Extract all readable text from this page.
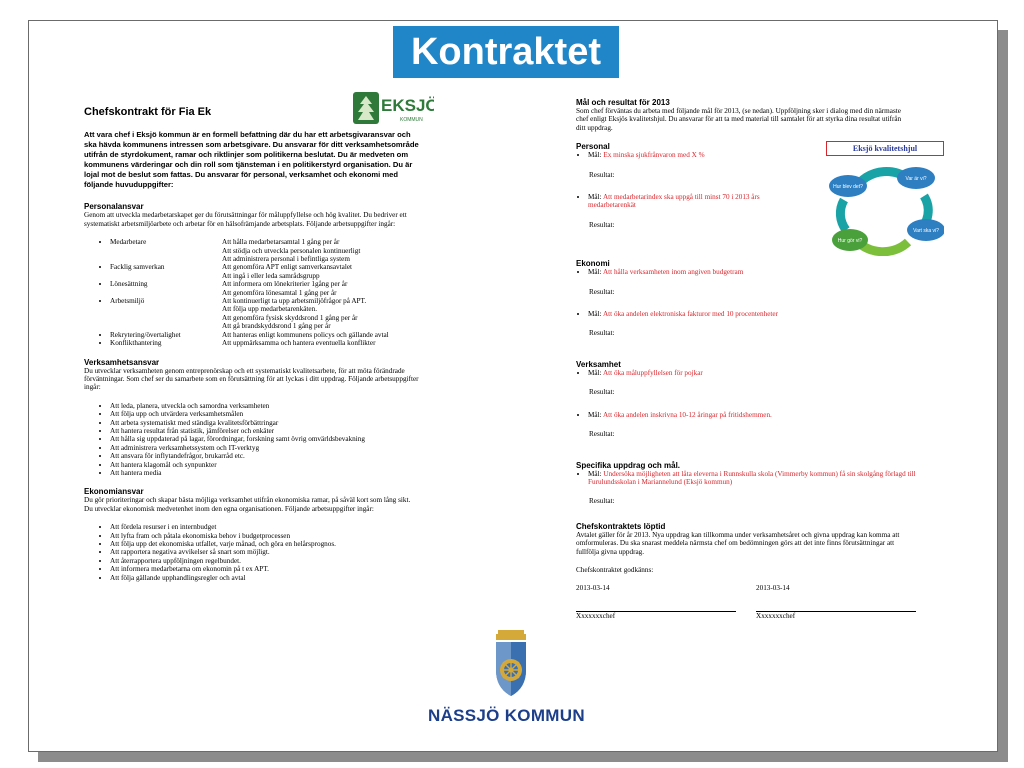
Kontraktet
EKSJÖ
KOMMUN
Chefskontrakt för Fia Ek
Att vara chef i Eksjö kommun är en formell befattning där du har ett arbetsgivaransvar och ska hävda kommunens intressen som arbetsgivare. Du ansvarar för ditt verksamhetsområde utifrån de styrdokument, ramar och riktlinjer som politikerna beslutat. Du är medveten om kommunens värderingar och din roll som tjänsteman i en politikerstyrd organisation. Du är lojal mot de beslut som fattas. Du ansvarar för personal, verksamhet och ekonomi med följande huvuduppgifter:
Personalansvar

Genom att utveckla medarbetarskapet ger du förutsättningar för måluppfyllelse och hög kvalitet. Du bedriver ett systematiskt arbetsmiljöarbete och arbetar för en hälsofrämjande arbetsplats. Följande arbetsuppgifter ingår:

• Medarbetare	Att hålla medarbetarsamtal 1 gång per år
Att stödja och utveckla personalen kontinuerligt
Att administrera personal i befintliga system
• Facklig samverkan	Att genomföra APT enligt samverkansavtalet
Att ingå i eller leda samrådsgrupp
• Lönesättning	Att informera om lönekriterier 1gång per år
Att genomföra lönesamtal 1 gång per år
• Arbetsmiljö	Att kontinuerligt ta upp arbetsmiljöfrågor på APT.
Att följa upp medarbetarenkäten.
Att genomföra fysisk skyddsrond 1 gång per år
Att gå brandskyddsrond 1 gång per år
• Rekrytering/övertalighet	Att hanteras enligt kommunens policys och gällande avtal
• Konflikthantering	Att uppmärksamma och hantera eventuella konflikter
Verksamhetsansvar

Du utvecklar verksamheten genom entreprenörskap och ett systematiskt kvalitetsarbete, för att möta förändrade förväntningar. Som chef ser du samarbete som en förutsättning för att lyckas i ditt uppdrag. Följande arbetsuppgifter ingår:

• Att leda, planera, utveckla och samordna verksamheten
• Att följa upp och utvärdera verksamhetsmålen
• Att arbeta systematiskt med ständiga kvalitetsförbättringar
• Att hantera resultat från statistik, jämförelser och enkäter
• Att hålla sig uppdaterad på lagar, förordningar, forskning samt övrig omvärldsbevakning
• Att administrera verksamhetssystem och IT-verktyg
• Att ansvara för inflytandefrågor, brukarråd etc.
• Att hantera klagomål och synpunkter
• Att hantera media
Ekonomiansvar

Du gör prioriteringar och skapar bästa möjliga verksamhet utifrån ekonomiska ramar, på såväl kort som lång sikt. Du utvecklar ekonomisk medvetenhet inom den egna organisationen. Följande arbetsuppgifter ingår:

• Att fördela resurser i en internbudget
• Att lyfta fram och påtala ekonomiska behov i budgetprocessen
• Att följa upp det ekonomiska utfallet, varje månad, och göra en helårsprognos.
• Att rapportera negativa avvikelser så snart som möjligt.
• Att återrapportera uppföljningen regelbundet.
• Att informera medarbetarna om ekonomin på t ex APT.
• Att följa gällande upphandlingsregler och avtal
Mål och resultat för 2013

Som chef förväntas du arbeta med följande mål för 2013, (se nedan). Uppföljning sker i dialog med din närmaste chef enligt Eksjös kvalitetshjul. Du ansvarar för att ta med material till samtalet för att styrka dina resultat utifrån ditt uppdrag.

Personal
• Mål: Ex minska sjukfrånvaron med X %
Resultat:
• Mål: Att medarbetarindex ska uppgå till minst 70 i 2013 års medarbetarenkät
Resultat:
Ekonomi
• Mål: Att hålla verksamheten inom angiven budgetram
Resultat:
• Mål: Att öka andelen elektroniska fakturor med 10 procentenheter
Resultat:
Verksamhet
• Mål: Att öka måluppfyllelsen för pojkar
Resultat:
• Mål: Att öka andelen inskrivna 10-12 åringar på fritidshemmen.
Resultat:
Specifika uppdrag och mål.
• Mål: Undersöka möjligheten att låta eleverna i Runnskulla skola (Vimmerby kommun) få sin skolgång förlagd till Furulundsskolan i Mariannelund (Eksjö kommun)
Resultat:
Chefskontraktets löptid

Avtalet gäller för år 2013. Nya uppdrag kan tillkomma under verksamhetsåret och givna uppdrag kan komma att omformuleras. Du ska snarast meddela närmsta chef om bedömningen görs att det inte finns förutsättningar att fullfölja givna uppdrag.

Chefskontraktet godkänns:

2013-03-14
Xxxxxxxchef
2013-03-14
Xxxxxxxchef
Eksjö kvalitetshjul
Var är vi?
Vart ska vi?
Hur gör vi?
Hur blev det?
NÄSSJÖ KOMMUN
